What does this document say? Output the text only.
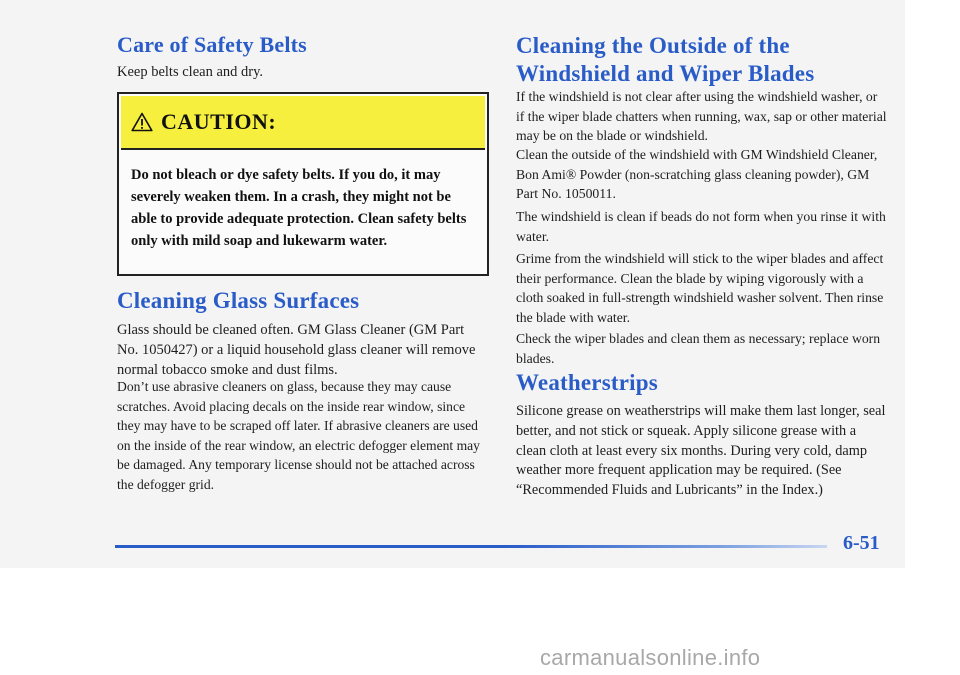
Care of Safety Belts

Keep belts clean and dry.

CAUTION:

Do not bleach or dye safety belts. If you do, it may severely weaken them. In a crash, they might not be able to provide adequate protection. Clean safety belts only with mild soap and lukewarm water.

Cleaning Glass Surfaces

Glass should be cleaned often. GM Glass Cleaner (GM Part No. 1050427) or a liquid household glass cleaner will remove normal tobacco smoke and dust films.

Don’t use abrasive cleaners on glass, because they may cause scratches. Avoid placing decals on the inside rear window, since they may have to be scraped off later. If abrasive cleaners are used on the inside of the rear window, an electric defogger element may be damaged. Any temporary license should not be attached across the defogger grid.

Cleaning the Outside of the Windshield and Wiper Blades

If the windshield is not clear after using the windshield washer, or if the wiper blade chatters when running, wax, sap or other material may be on the blade or windshield.

Clean the outside of the windshield with GM Windshield Cleaner, Bon Ami® Powder (non-scratching glass cleaning powder), GM Part No. 1050011.

The windshield is clean if beads do not form when you rinse it with water.

Grime from the windshield will stick to the wiper blades and affect their performance. Clean the blade by wiping vigorously with a cloth soaked in full-strength windshield washer solvent. Then rinse the blade with water.

Check the wiper blades and clean them as necessary; replace worn blades.

Weatherstrips

Silicone grease on weatherstrips will make them last longer, seal better, and not stick or squeak. Apply silicone grease with a clean cloth at least every six months. During very cold, damp weather more frequent application may be required. (See “Recommended Fluids and Lubricants” in the Index.)

6-51
carmanualsonline.info
